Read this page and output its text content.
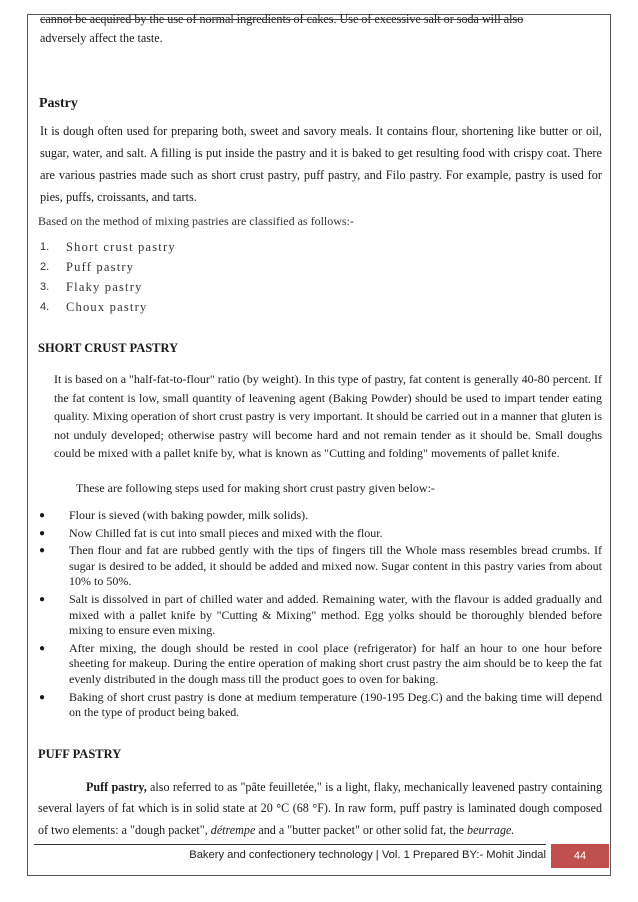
cannot be acquired by the use of normal ingredients of cakes. Use of excessive salt or soda will also

adversely affect the taste.

Pastry

It is dough often used for preparing both, sweet and savory meals. It contains flour, shortening like butter or oil, sugar, water, and salt. A filling is put inside the pastry and it is baked to get resulting food with crispy coat. There are various pastries made such as short crust pastry, puff pastry, and Filo pastry. For example, pastry is used for pies, puffs, croissants, and tarts.

Based on the method of mixing pastries are classified as follows:-

1.	Short crust pastry
2.	Puff pastry
3.	Flaky pastry
4.	Choux pastry
SHORT CRUST PASTRY

It is based on a "half-fat-to-flour" ratio (by weight). In this type of pastry, fat content is generally 40-80 percent. If the fat content is low, small quantity of leavening agent (Baking Powder) should be used to impart tender eating quality. Mixing operation of short crust pastry is very important. It should be carried out in a manner that gluten is not unduly developed; otherwise pastry will become hard and not remain tender as it should be. Small doughs could be mixed with a pallet knife by, what is known as "Cutting and folding" movements of pallet knife.

These are following steps used for making short crust pastry given below:-

●	Flour is sieved (with baking powder, milk solids).
●	Now Chilled fat is cut into small pieces and mixed with the flour.
●	Then flour and fat are rubbed gently with the tips of fingers till the Whole mass resembles bread crumbs. If sugar is desired to be added, it should be added and mixed now. Sugar content in this pastry varies from about 10% to 50%.
●	Salt is dissolved in part of chilled water and added. Remaining water, with the flavour is added gradually and mixed with a pallet knife by "Cutting & Mixing" method. Egg yolks should be thoroughly blended before mixing to ensure even mixing.
●	After mixing, the dough should be rested in cool place (refrigerator) for half an hour to one hour before sheeting for makeup. During the entire operation of making short crust pastry the aim should be to keep the fat evenly distributed in the dough mass till the product goes to oven for baking.
●	Baking of short crust pastry is done at medium temperature (190-195 Deg.C) and the baking time will depend on the type of product being baked.
PUFF PASTRY

Puff pastry, also referred to as "pâte feuilletée," is a light, flaky, mechanically leavened pastry containing several layers of fat which is in solid state at 20 °C (68 °F). In raw form, puff pastry is laminated dough composed of two elements: a "dough packet", détrempe and a "butter packet" or other solid fat, the beurrage.

Bakery and confectionery technology | Vol. 1 Prepared BY:- Mohit Jindal	44
